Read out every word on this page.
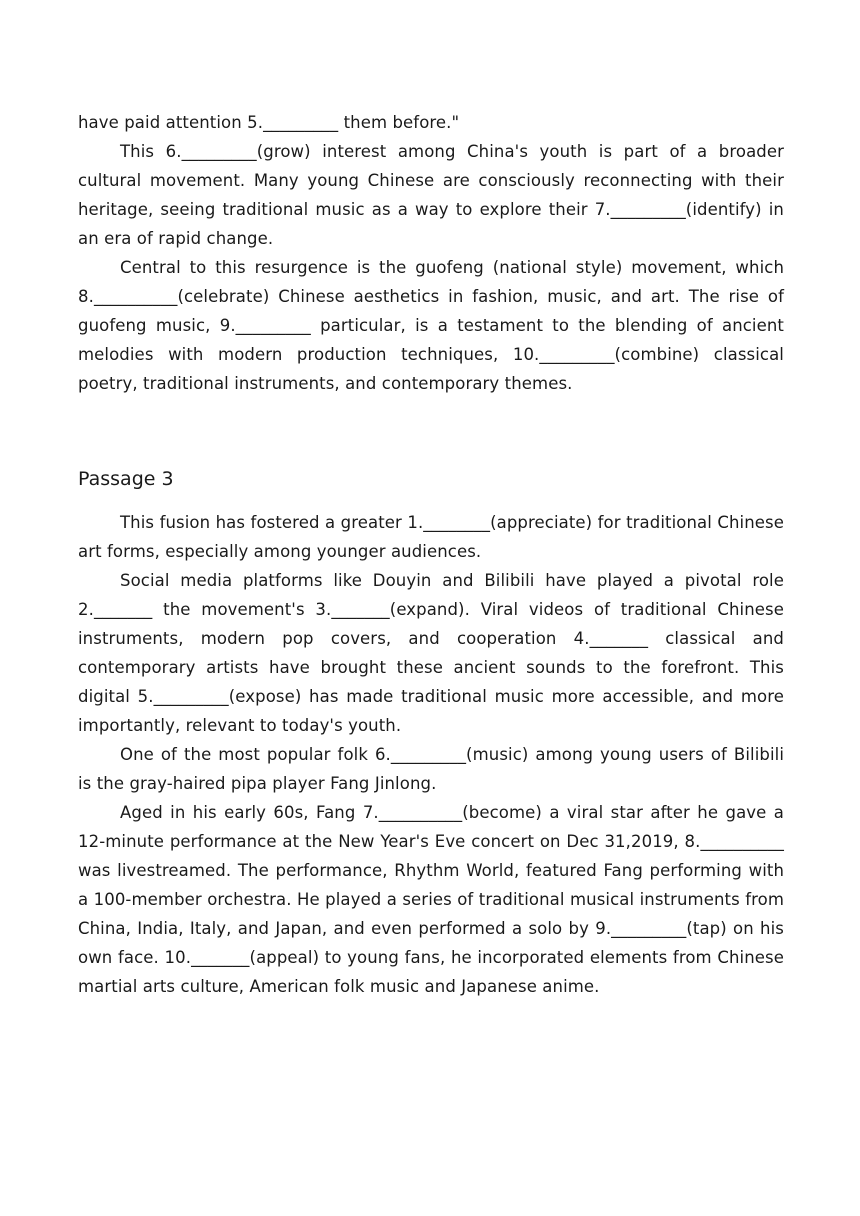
have paid attention 5._________ them before."

This 6._________(grow) interest among China's youth is part of a broader cultural movement. Many young Chinese are consciously reconnecting with their heritage, seeing traditional music as a way to explore their 7._________(identify) in an era of rapid change.

Central to this resurgence is the guofeng (national style) movement, which 8.__________(celebrate) Chinese aesthetics in fashion, music, and art. The rise of guofeng music, 9._________ particular, is a testament to the blending of ancient melodies with modern production techniques, 10._________(combine) classical poetry, traditional instruments, and contemporary themes.

Passage 3

This fusion has fostered a greater 1.________(appreciate) for traditional Chinese art forms, especially among younger audiences.

Social media platforms like Douyin and Bilibili have played a pivotal role 2._______ the movement's 3._______(expand). Viral videos of traditional Chinese instruments, modern pop covers, and cooperation 4._______ classical and contemporary artists have brought these ancient sounds to the forefront. This digital 5._________(expose) has made traditional music more accessible, and more importantly, relevant to today's youth.

One of the most popular folk 6._________(music) among young users of Bilibili is the gray-haired pipa player Fang Jinlong.

Aged in his early 60s, Fang 7.__________(become) a viral star after he gave a 12-minute performance at the New Year's Eve concert on Dec 31,2019, 8.__________ was livestreamed. The performance, Rhythm World, featured Fang performing with a 100-member orchestra. He played a series of traditional musical instruments from China, India, Italy, and Japan, and even performed a solo by 9._________(tap) on his own face. 10._______(appeal) to young fans, he incorporated elements from Chinese martial arts culture, American folk music and Japanese anime.
